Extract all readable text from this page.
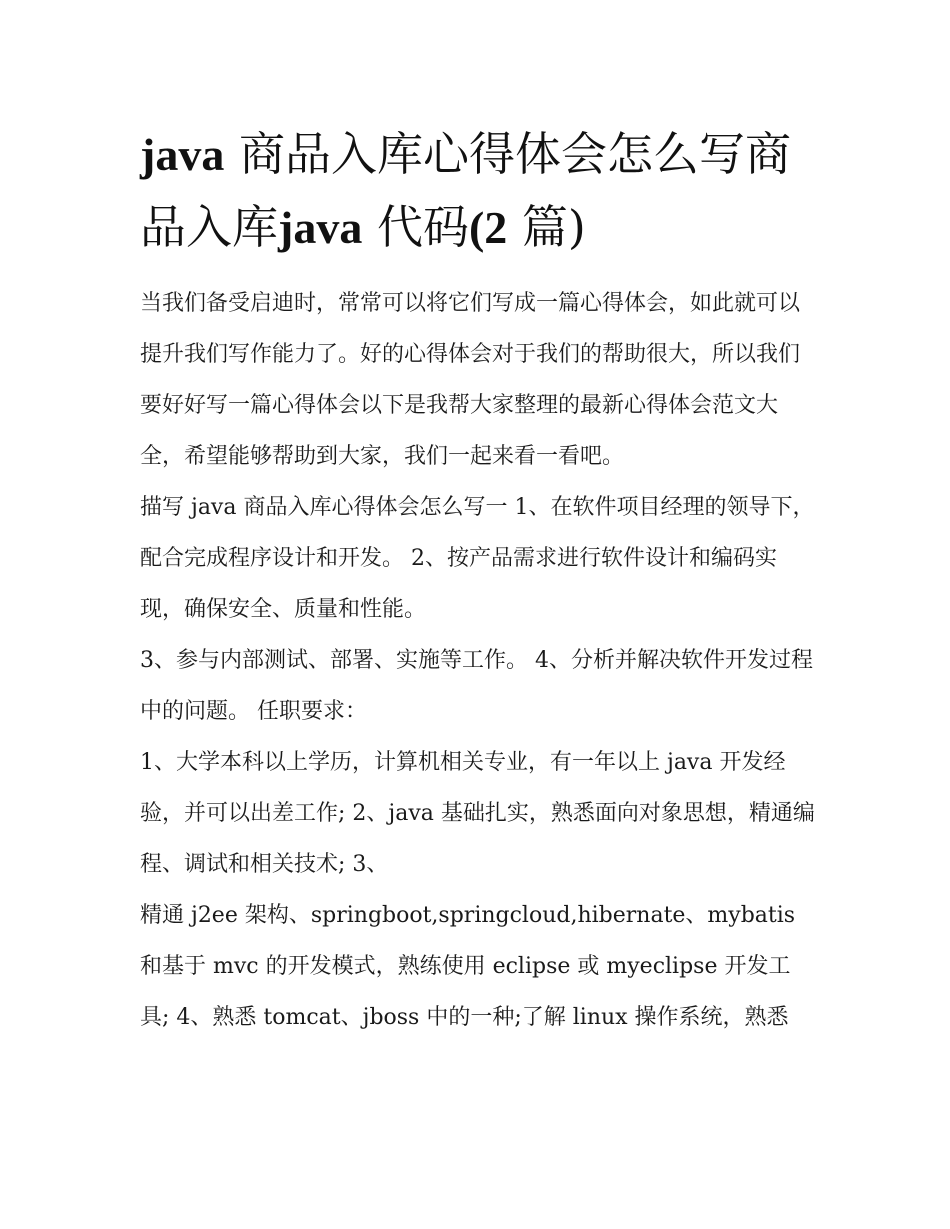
java 商品入库心得体会怎么写商品入库java 代码(2 篇)

当我们备受启迪时，常常可以将它们写成一篇心得体会，如此就可以提升我们写作能力了。好的心得体会对于我们的帮助很大，所以我们要好好写一篇心得体会以下是我帮大家整理的最新心得体会范文大全，希望能够帮助到大家，我们一起来看一看吧。

描写 java 商品入库心得体会怎么写一 1、在软件项目经理的领导下，配合完成程序设计和开发。 2、按产品需求进行软件设计和编码实现，确保安全、质量和性能。

3、参与内部测试、部署、实施等工作。 4、分析并解决软件开发过程中的问题。 任职要求：

1、大学本科以上学历，计算机相关专业，有一年以上 java 开发经验，并可以出差工作; 2、java 基础扎实，熟悉面向对象思想，精通编程、调试和相关技术; 3、

精通 j2ee 架构、springboot,springcloud,hibernate、mybatis 和基于 mvc 的开发模式，熟练使用 eclipse 或 myeclipse 开发工具; 4、熟悉 tomcat、jboss 中的一种;了解 linux 操作系统，熟悉
